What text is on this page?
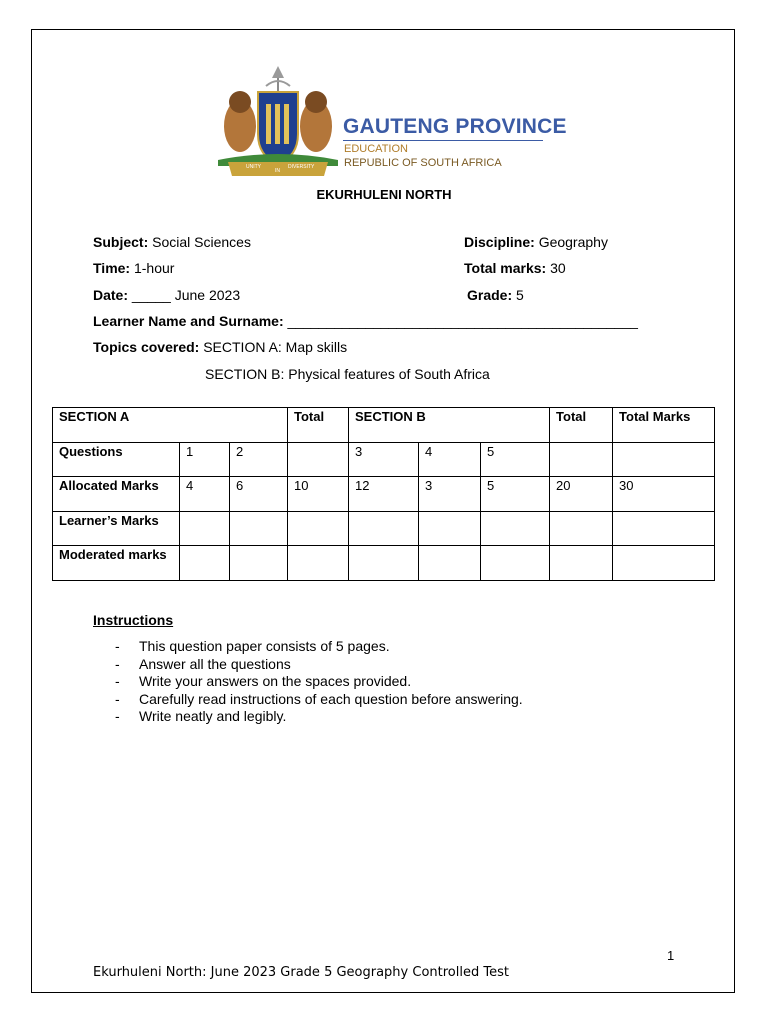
UNITY
IN
DIVERSITY
GAUTENG PROVINCE
EDUCATION
REPUBLIC OF SOUTH AFRICA
EKURHULENI NORTH
Subject: Social Sciences	Discipline: Geography
Time: 1-hour	Total marks: 30
Date: _____ June 2023	Grade: 5
Learner Name and Surname: _____________________________________________
Topics covered: SECTION A: Map skills
SECTION B: Physical features of South Africa
SECTION A			Total	SECTION B			Total	Total Marks
Questions	1	2		3	4	5		
Allocated Marks	4	6	10	12	3	5	20	30
Learner’s Marks								
Moderated marks								
Instructions
- This question paper consists of 5 pages.
- Answer all the questions
- Write your answers on the spaces provided.
- Carefully read instructions of each question before answering.
- Write neatly and legibly.
1
Ekurhuleni North: June 2023 Grade 5 Geography Controlled Test
